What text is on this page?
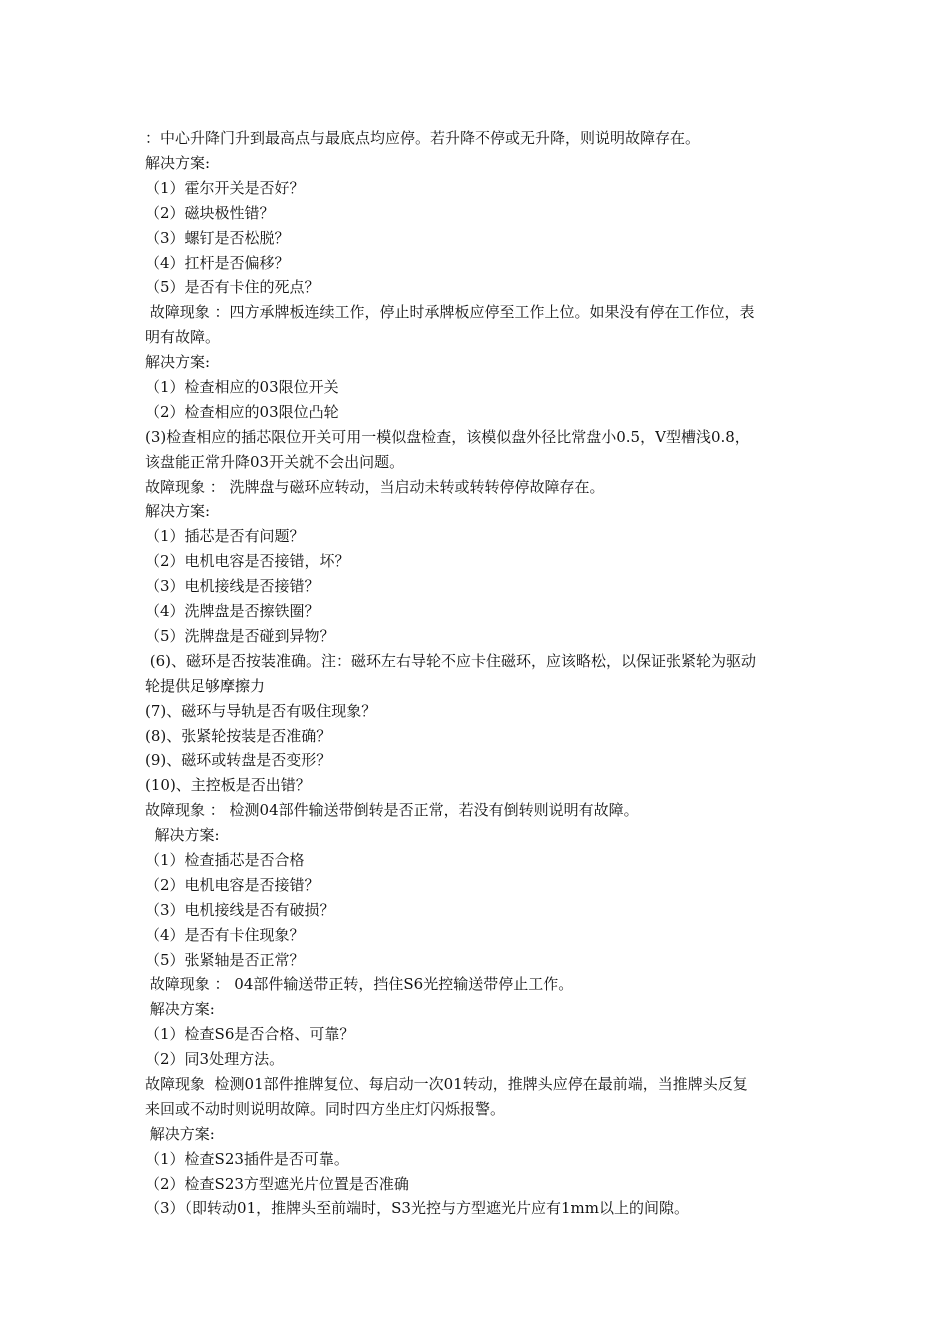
：中心升降门升到最高点与最底点均应停。若升降不停或无升降，则说明故障存在。

解决方案:

（1）霍尔开关是否好？

（2）磁块极性错？

（3）螺钉是否松脱？

（4）扛杆是否偏移？

（5）是否有卡住的死点？

故障现象 ：四方承牌板连续工作，停止时承牌板应停至工作上位。如果没有停在工作位，表

明有故障。

解决方案:

（1）检查相应的03限位开关

（2）检查相应的03限位凸轮

(3)检查相应的插芯限位开关可用一模似盘检查，该模似盘外径比常盘小0.5，V型槽浅0.8，

该盘能正常升降03开关就不会出问题。

故障现象 ： 洗牌盘与磁环应转动，当启动未转或转转停停故障存在。

解决方案:

（1）插芯是否有问题？

（2）电机电容是否接错，坏？

（3）电机接线是否接错？

（4）洗牌盘是否擦铁圈？

（5）洗牌盘是否碰到异物？

(6)、磁环是否按装准确。注：磁环左右导轮不应卡住磁环，应该略松，以保证张紧轮为驱动

轮提供足够摩擦力

(7)、磁环与导轨是否有吸住现象？

(8)、张紧轮按装是否准确？

(9)、磁环或转盘是否变形？

(10)、主控板是否出错？

故障现象 ： 检测04部件输送带倒转是否正常，若没有倒转则说明有故障。

解决方案:

（1）检查插芯是否合格

（2）电机电容是否接错？

（3）电机接线是否有破损？

（4）是否有卡住现象？

（5）张紧轴是否正常？

故障现象 ： 04部件输送带正转，挡住S6光控输送带停止工作。

解决方案:

（1）检查S6是否合格、可靠？

（2）同3处理方法。

故障现象  检测01部件推牌复位、每启动一次01转动，推牌头应停在最前端，当推牌头反复

来回或不动时则说明故障。同时四方坐庄灯闪烁报警。

解决方案:

（1）检查S23插件是否可靠。

（2）检查S23方型遮光片位置是否准确

（3）（即转动01，推牌头至前端时，S3光控与方型遮光片应有1mm以上的间隙。
